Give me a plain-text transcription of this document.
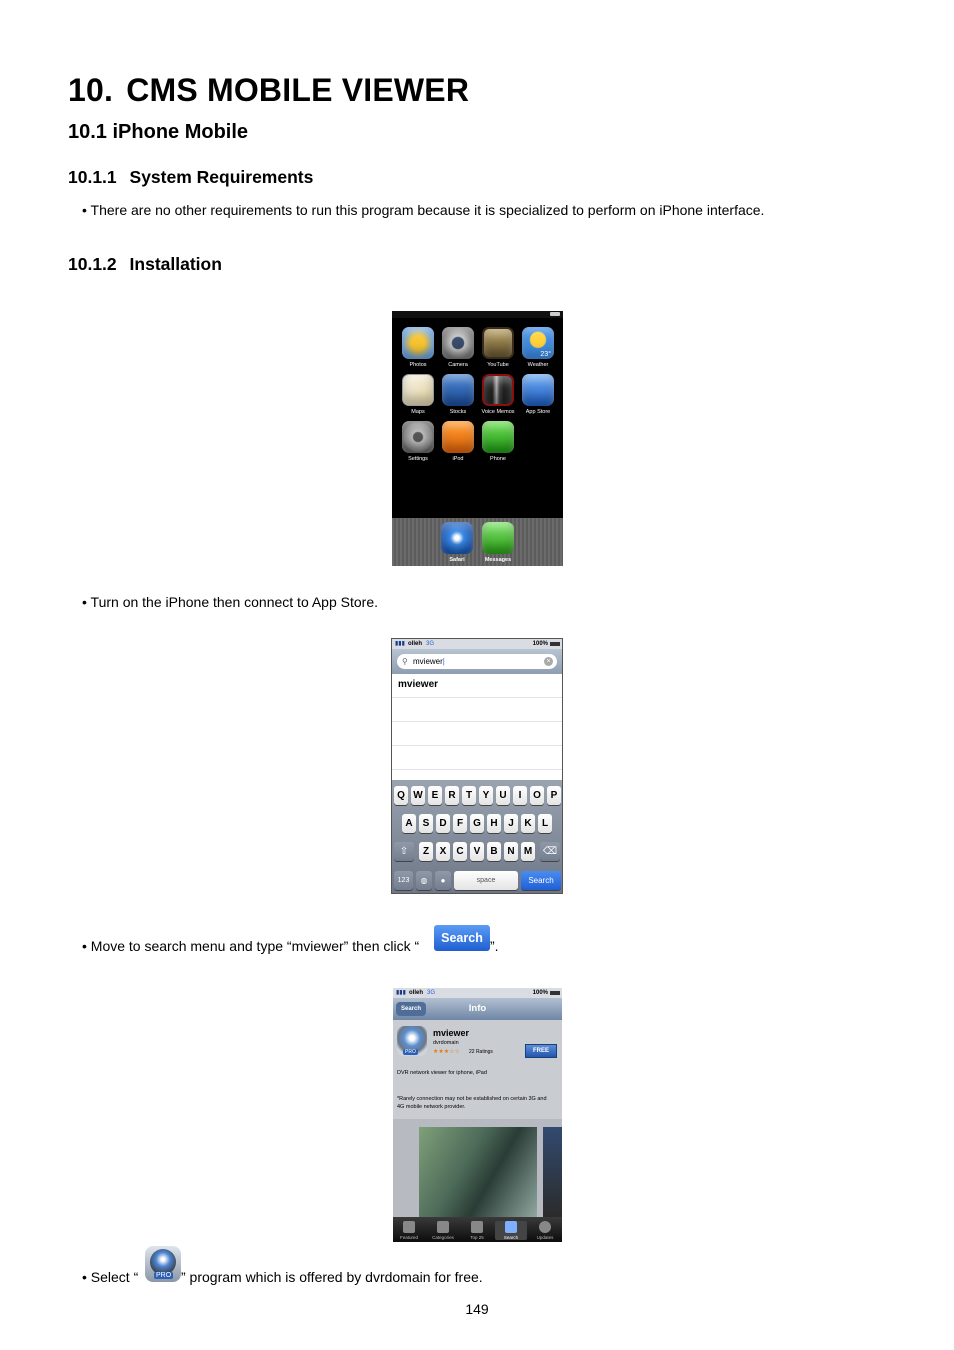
10. CMS MOBILE VIEWER
10.1 iPhone Mobile
10.1.1 System Requirements
• There are no other requirements to run this program because it is specialized to perform on iPhone interface.
10.1.2 Installation
Photos	Camera	YouTube
23°
Weather
Maps	Stocks	Voice Memos	App Store
Settings	iPod	Phone
Safari	Messages
• Turn on the iPhone then connect to App Store.
▮▮▮ olleh 3G	100%
⚲ mviewer|	×
mviewer
Q W E	R	T	Y	U	I	O P
A	S	D	F	G H	J	K	L
⇧	Z	X	C	V	B N M ⌫
123	◍	●	space	Search
• Move to search menu and type “mviewer” then click “	Search ”.
▮▮▮ olleh 3G	100%
Search	Info
PRO
mviewer
dvrdomain
★★★☆☆ 22 Ratings	FREE
DVR network viewer for iphone, iPad
*Rarely connection may not be established on certain 3G and 4G mobile network provider.
Featured	Categories	Top 25	Search	Updates
• Select “	PRO ” program which is offered by dvrdomain for free.
149
